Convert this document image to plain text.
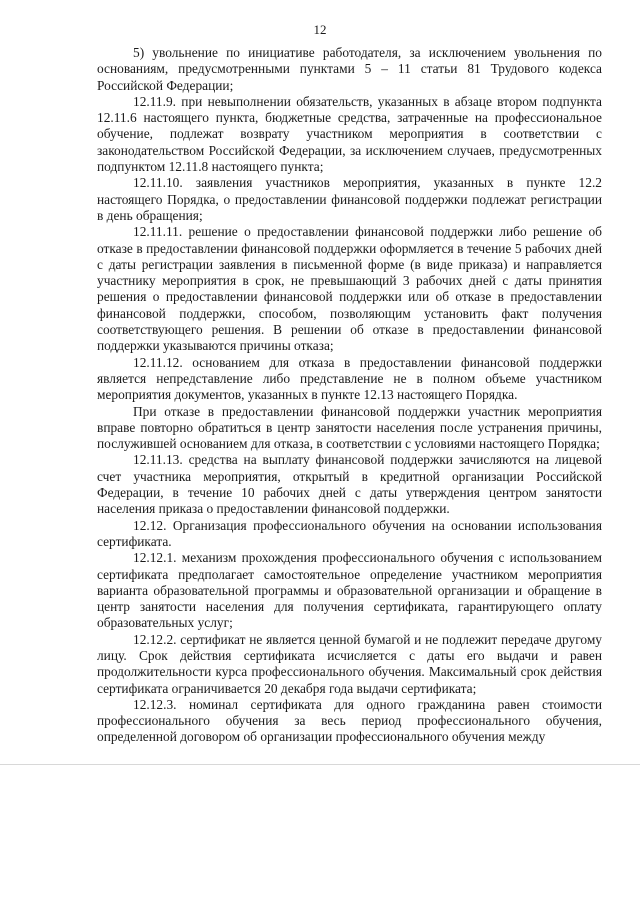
12

5) увольнение по инициативе работодателя, за исключением увольнения по основаниям, предусмотренными пунктами 5 – 11 статьи 81 Трудового кодекса Российской Федерации;

12.11.9. при невыполнении обязательств, указанных в абзаце втором подпункта 12.11.6 настоящего пункта, бюджетные средства, затраченные на профессиональное обучение, подлежат возврату участником мероприятия в соответствии с законодательством Российской Федерации, за исключением случаев, предусмотренных подпунктом 12.11.8 настоящего пункта;

12.11.10. заявления участников мероприятия, указанных в пункте 12.2 настоящего Порядка, о предоставлении финансовой поддержки подлежат регистрации в день обращения;

12.11.11. решение о предоставлении финансовой поддержки либо решение об отказе в предоставлении финансовой поддержки оформляется в течение 5 рабочих дней с даты регистрации заявления в письменной форме (в виде приказа) и направляется участнику мероприятия в срок, не превышающий 3 рабочих дней с даты принятия решения о предоставлении финансовой поддержки или об отказе в предоставлении финансовой поддержки, способом, позволяющим установить факт получения соответствующего решения. В решении об отказе в предоставлении финансовой поддержки указываются причины отказа;

12.11.12. основанием для отказа в предоставлении финансовой поддержки является непредставление либо представление не в полном объеме участником мероприятия документов, указанных в пункте 12.13 настоящего Порядка.

При отказе в предоставлении финансовой поддержки участник мероприятия вправе повторно обратиться в центр занятости населения после устранения причины, послужившей основанием для отказа, в соответствии с условиями настоящего Порядка;

12.11.13. средства на выплату финансовой поддержки зачисляются на лицевой счет участника мероприятия, открытый в кредитной организации Российской Федерации, в течение 10 рабочих дней с даты утверждения центром занятости населения приказа о предоставлении финансовой поддержки.

12.12. Организация профессионального обучения на основании использования сертификата.

12.12.1. механизм прохождения профессионального обучения с использованием сертификата предполагает самостоятельное определение участником мероприятия варианта образовательной программы и образовательной организации и обращение в центр занятости населения для получения сертификата, гарантирующего оплату образовательных услуг;

12.12.2. сертификат не является ценной бумагой и не подлежит передаче другому лицу. Срок действия сертификата исчисляется с даты его выдачи и равен продолжительности курса профессионального обучения. Максимальный срок действия сертификата ограничивается 20 декабря года выдачи сертификата;

12.12.3. номинал сертификата для одного гражданина равен стоимости профессионального обучения за весь период профессионального обучения, определенной договором об организации профессионального обучения между
